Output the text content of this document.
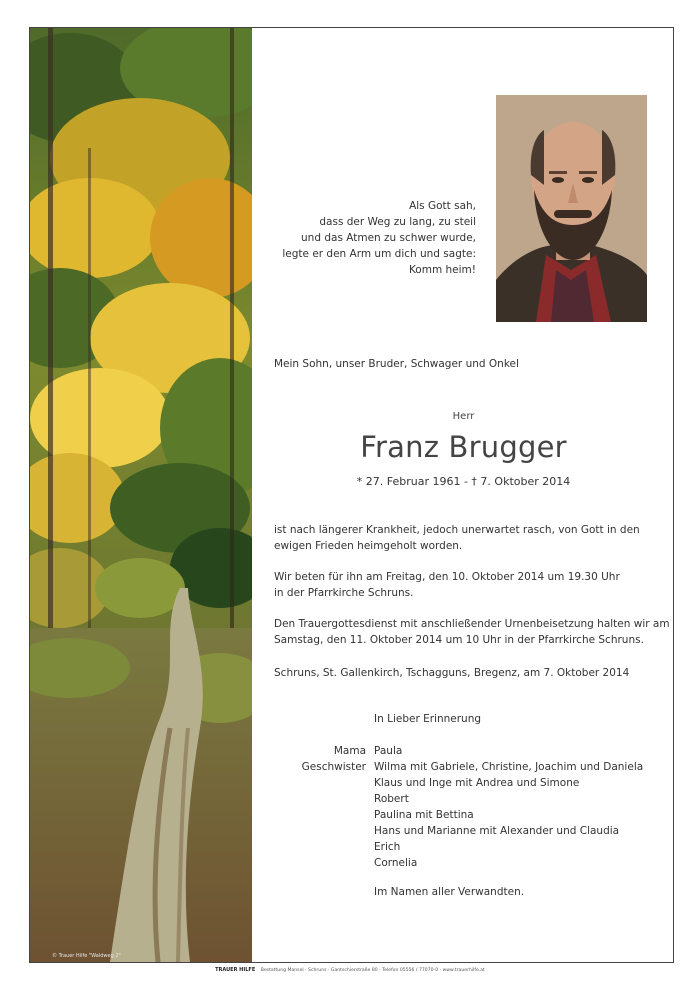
© Trauer Hilfe "Waldweg 2"
Als Gott sah,
dass der Weg zu lang, zu steil
und das Atmen zu schwer wurde,
legte er den Arm um dich und sagte:
Komm heim!
Mein Sohn, unser Bruder, Schwager und Onkel
Herr
Franz Brugger
* 27. Februar 1961 - † 7. Oktober 2014
ist nach längerer Krankheit, jedoch unerwartet rasch, von Gott in den ewigen Frieden heimgeholt worden.
Wir beten für ihn am Freitag, den 10. Oktober 2014 um 19.30 Uhr
in der Pfarrkirche Schruns.
Den Trauergottesdienst mit anschließender Urnenbeisetzung halten wir am Samstag, den 11. Oktober 2014 um 10 Uhr in der Pfarrkirche Schruns.
Schruns, St. Gallenkirch, Tschagguns, Bregenz, am 7. Oktober 2014
In Lieber Erinnerung
Mama Paula
Geschwister Wilma mit Gabriele, Christine, Joachim und Daniela
Klaus und Inge mit Andrea und Simone
Robert
Paulina mit Bettina
Hans und Marianne mit Alexander und Claudia
Erich
Cornelia
Im Namen aller Verwandten.
TRAUER HILFE Bestattung Mansel · Schruns · Gantschierstraße 80 · Telefon 05556 / 77070-0 · www.trauerhilfe.at
